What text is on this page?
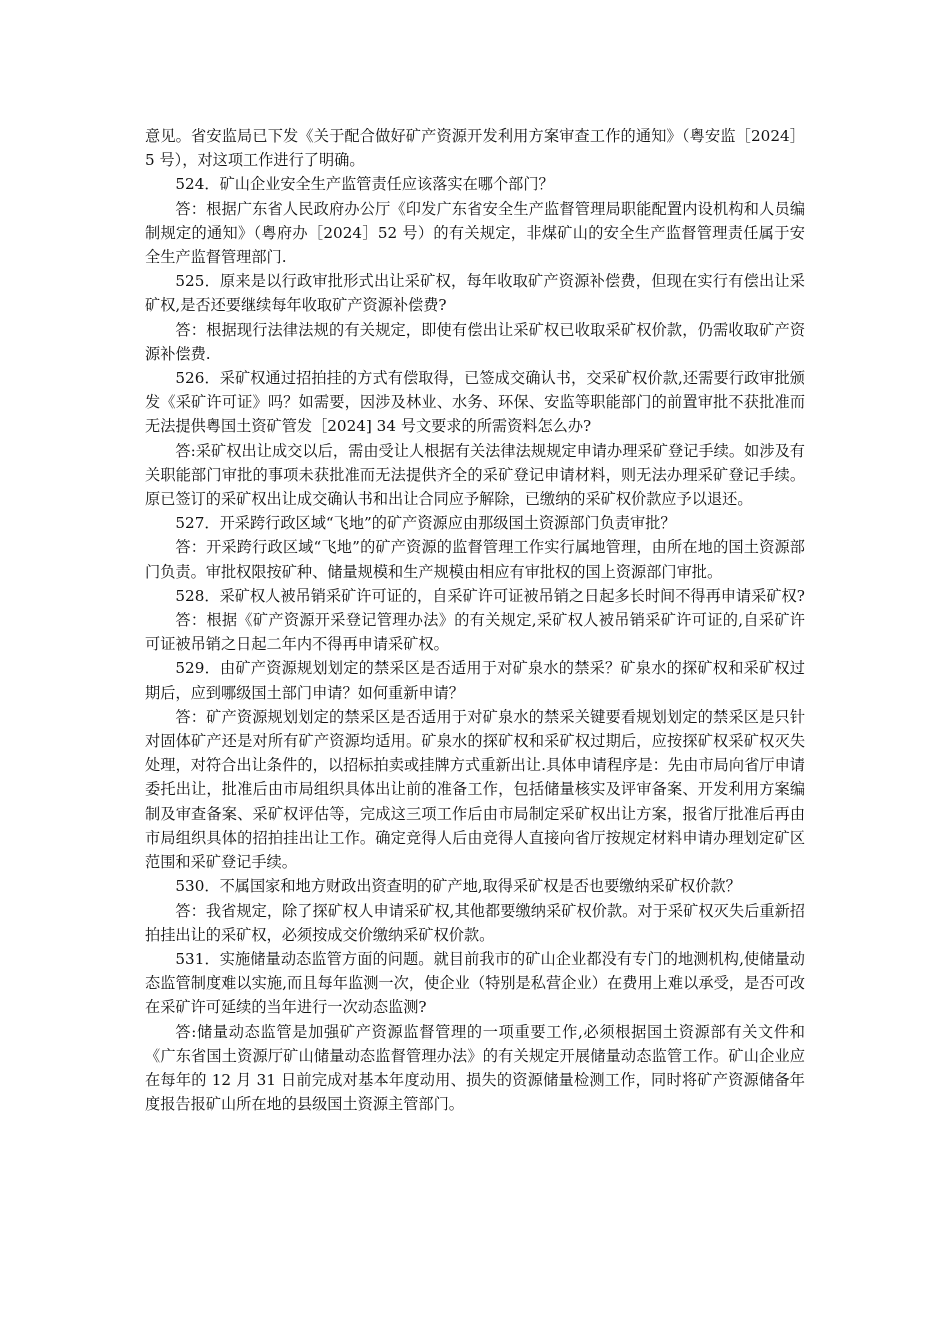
意见。省安监局已下发《关于配合做好矿产资源开发利用方案审查工作的通知》（粤安监［2024］5 号），对这项工作进行了明确。

524．矿山企业安全生产监管责任应该落实在哪个部门？

答：根据广东省人民政府办公厅《印发广东省安全生产监督管理局职能配置内设机构和人员编制规定的通知》（粤府办［2024］52 号）的有关规定，非煤矿山的安全生产监督管理责任属于安全生产监督管理部门.

525．原来是以行政审批形式出让采矿权，每年收取矿产资源补偿费，但现在实行有偿出让采矿权,是否还要继续每年收取矿产资源补偿费?

答：根据现行法律法规的有关规定，即使有偿出让采矿权已收取采矿权价款，仍需收取矿产资源补偿费.

526．采矿权通过招拍挂的方式有偿取得，已签成交确认书，交采矿权价款,还需要行政审批颁发《采矿许可证》吗？如需要，因涉及林业、水务、环保、安监等职能部门的前置审批不获批准而无法提供粤国土资矿管发［2024] 34 号文要求的所需资料怎么办?

答:采矿权出让成交以后，需由受让人根据有关法律法规规定申请办理采矿登记手续。如涉及有关职能部门审批的事项未获批准而无法提供齐全的采矿登记申请材料，则无法办理采矿登记手续。原已签订的采矿权出让成交确认书和出让合同应予解除，已缴纳的采矿权价款应予以退还。

527．开采跨行政区域“飞地”的矿产资源应由那级国土资源部门负责审批？

答：开采跨行政区域“飞地”的矿产资源的监督管理工作实行属地管理，由所在地的国土资源部门负责。审批权限按矿种、储量规模和生产规模由相应有审批权的国上资源部门审批。

528．采矿权人被吊销采矿许可证的，自采矿许可证被吊销之日起多长时间不得再申请采矿权?

答：根据《矿产资源开采登记管理办法》的有关规定,采矿权人被吊销采矿许可证的,自采矿许可证被吊销之日起二年内不得再申请采矿权。

529．由矿产资源规划划定的禁采区是否适用于对矿泉水的禁采？矿泉水的探矿权和采矿权过期后，应到哪级国土部门申请？如何重新申请？

答：矿产资源规划划定的禁采区是否适用于对矿泉水的禁采关键要看规划划定的禁采区是只针对固体矿产还是对所有矿产资源均适用。矿泉水的探矿权和采矿权过期后，应按探矿权采矿权灭失处理，对符合出让条件的，以招标拍卖或挂牌方式重新出让.具体申请程序是：先由市局向省厅申请委托出让，批准后由市局组织具体出让前的准备工作，包括储量核实及评审备案、开发利用方案编制及审查备案、采矿权评估等，完成这三项工作后由市局制定采矿权出让方案，报省厅批准后再由市局组织具体的招拍挂出让工作。确定竞得人后由竞得人直接向省厅按规定材料申请办理划定矿区范围和采矿登记手续。

530．不属国家和地方财政出资查明的矿产地,取得采矿权是否也要缴纳采矿权价款？

答：我省规定，除了探矿权人申请采矿权,其他都要缴纳采矿权价款。对于采矿权灭失后重新招拍挂出让的采矿权，必须按成交价缴纳采矿权价款。

531．实施储量动态监管方面的问题。就目前我市的矿山企业都没有专门的地测机构,使储量动态监管制度难以实施,而且每年监测一次，使企业（特别是私营企业）在费用上难以承受，是否可改在采矿许可延续的当年进行一次动态监测?

答:储量动态监管是加强矿产资源监督管理的一项重要工作,必须根据国土资源部有关文件和《广东省国土资源厅矿山储量动态监督管理办法》的有关规定开展储量动态监管工作。矿山企业应在每年的 12 月 31 日前完成对基本年度动用、损失的资源储量检测工作，同时将矿产资源储备年度报告报矿山所在地的县级国土资源主管部门。
